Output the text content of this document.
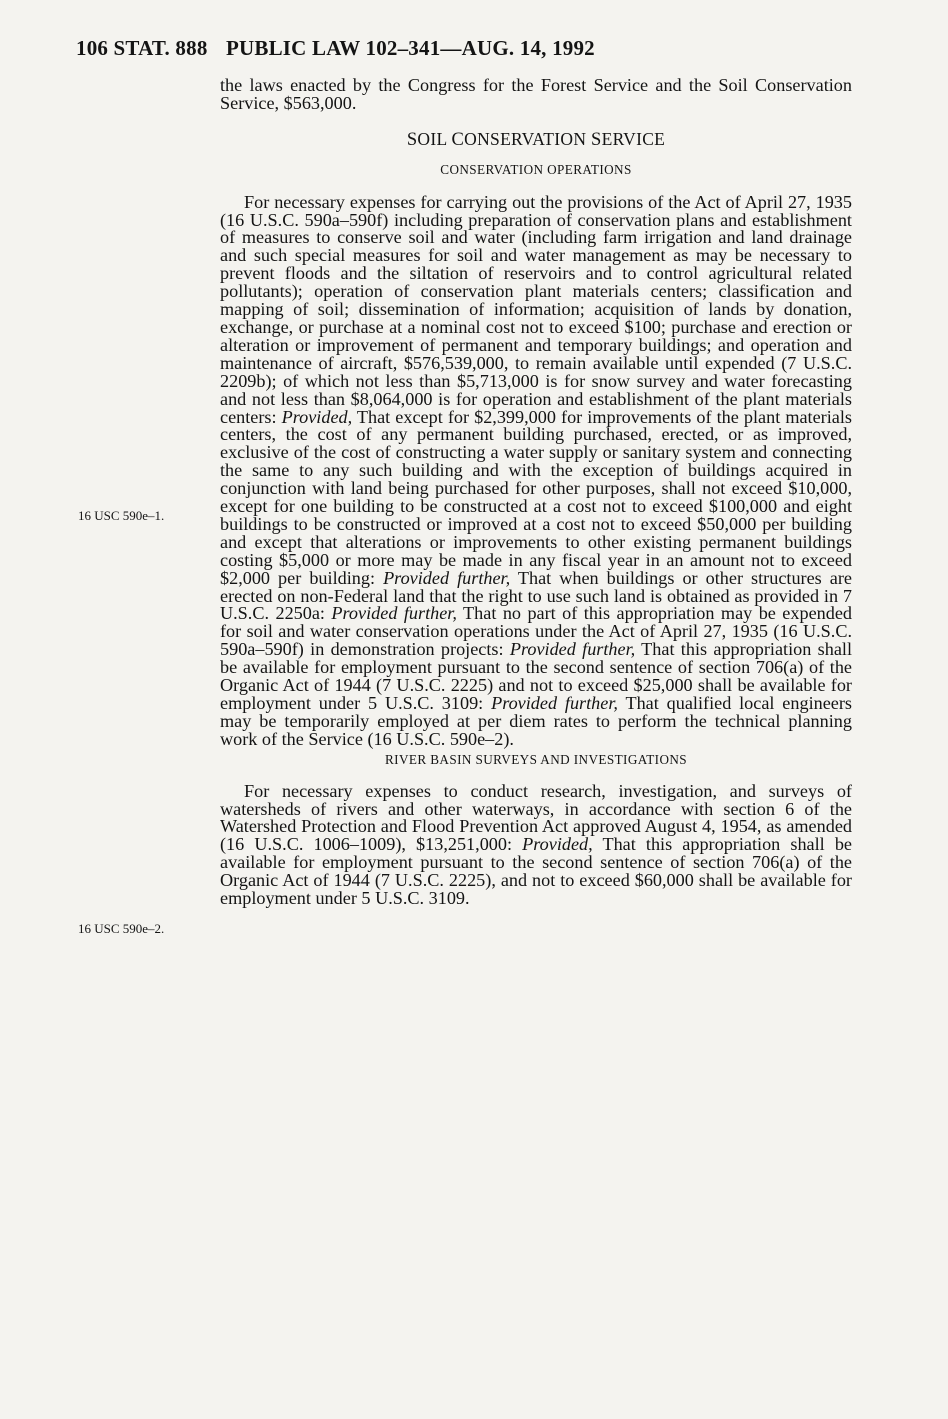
106 STAT. 888 PUBLIC LAW 102–341—AUG. 14, 1992
16 USC 590e–1.
16 USC 590e–2.

the laws enacted by the Congress for the Forest Service and the Soil Conservation Service, $563,000.

SOIL CONSERVATION SERVICE
CONSERVATION OPERATIONS

For necessary expenses for carrying out the provisions of the Act of April 27, 1935 (16 U.S.C. 590a–590f) including preparation of conservation plans and establishment of measures to conserve soil and water (including farm irrigation and land drainage and such special measures for soil and water management as may be necessary to prevent floods and the siltation of reservoirs and to control agricultural related pollutants); operation of conservation plant materials centers; classification and mapping of soil; dissemination of information; acquisition of lands by donation, exchange, or purchase at a nominal cost not to exceed $100; purchase and erection or alteration or improvement of permanent and temporary buildings; and operation and maintenance of aircraft, $576,539,000, to remain available until expended (7 U.S.C. 2209b); of which not less than $5,713,000 is for snow survey and water forecasting and not less than $8,064,000 is for operation and establishment of the plant materials centers: Provided, That except for $2,399,000 for improvements of the plant materials centers, the cost of any permanent building purchased, erected, or as improved, exclusive of the cost of constructing a water supply or sanitary system and connecting the same to any such building and with the exception of buildings acquired in conjunction with land being purchased for other purposes, shall not exceed $10,000, except for one building to be constructed at a cost not to exceed $100,000 and eight buildings to be constructed or improved at a cost not to exceed $50,000 per building and except that alterations or improvements to other existing permanent buildings costing $5,000 or more may be made in any fiscal year in an amount not to exceed $2,000 per building: Provided further, That when buildings or other structures are erected on non-Federal land that the right to use such land is obtained as provided in 7 U.S.C. 2250a: Provided further, That no part of this appropriation may be expended for soil and water conservation operations under the Act of April 27, 1935 (16 U.S.C. 590a–590f) in demonstration projects: Provided further, That this appropriation shall be available for employment pursuant to the second sentence of section 706(a) of the Organic Act of 1944 (7 U.S.C. 2225) and not to exceed $25,000 shall be available for employment under 5 U.S.C. 3109: Provided further, That qualified local engineers may be temporarily employed at per diem rates to perform the technical planning work of the Service (16 U.S.C. 590e–2).

RIVER BASIN SURVEYS AND INVESTIGATIONS

For necessary expenses to conduct research, investigation, and surveys of watersheds of rivers and other waterways, in accordance with section 6 of the Watershed Protection and Flood Prevention Act approved August 4, 1954, as amended (16 U.S.C. 1006–1009), $13,251,000: Provided, That this appropriation shall be available for employment pursuant to the second sentence of section 706(a) of the Organic Act of 1944 (7 U.S.C. 2225), and not to exceed $60,000 shall be available for employment under 5 U.S.C. 3109.
